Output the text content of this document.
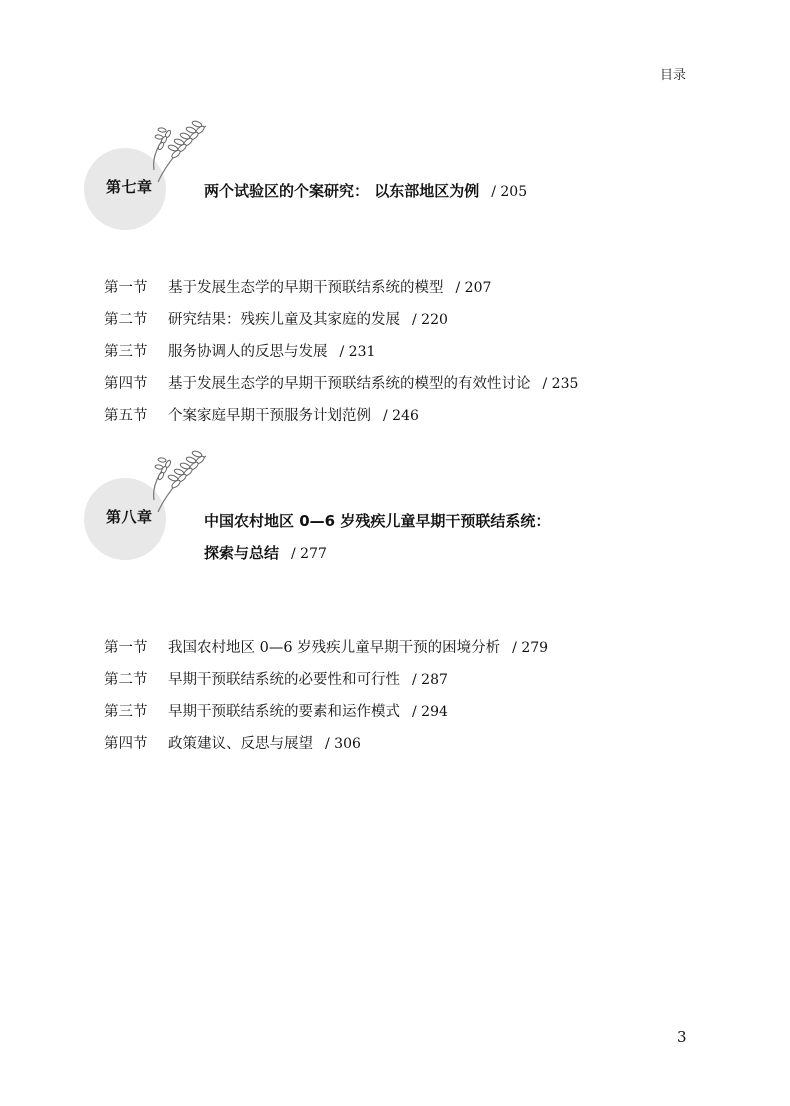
目录
第七章	两个试验区的个案研究： 以东部地区为例 / 205
第一节 基于发展生态学的早期干预联结系统的模型 / 207
第二节 研究结果：残疾儿童及其家庭的发展 / 220
第三节 服务协调人的反思与发展 / 231
第四节 基于发展生态学的早期干预联结系统的模型的有效性讨论 / 235
第五节 个案家庭早期干预服务计划范例 / 246
第八章	中国农村地区 0—6 岁残疾儿童早期干预联结系统：
探索与总结 / 277
第一节 我国农村地区 0—6 岁残疾儿童早期干预的困境分析 / 279
第二节 早期干预联结系统的必要性和可行性 / 287
第三节 早期干预联结系统的要素和运作模式 / 294
第四节 政策建议、反思与展望 / 306
3
